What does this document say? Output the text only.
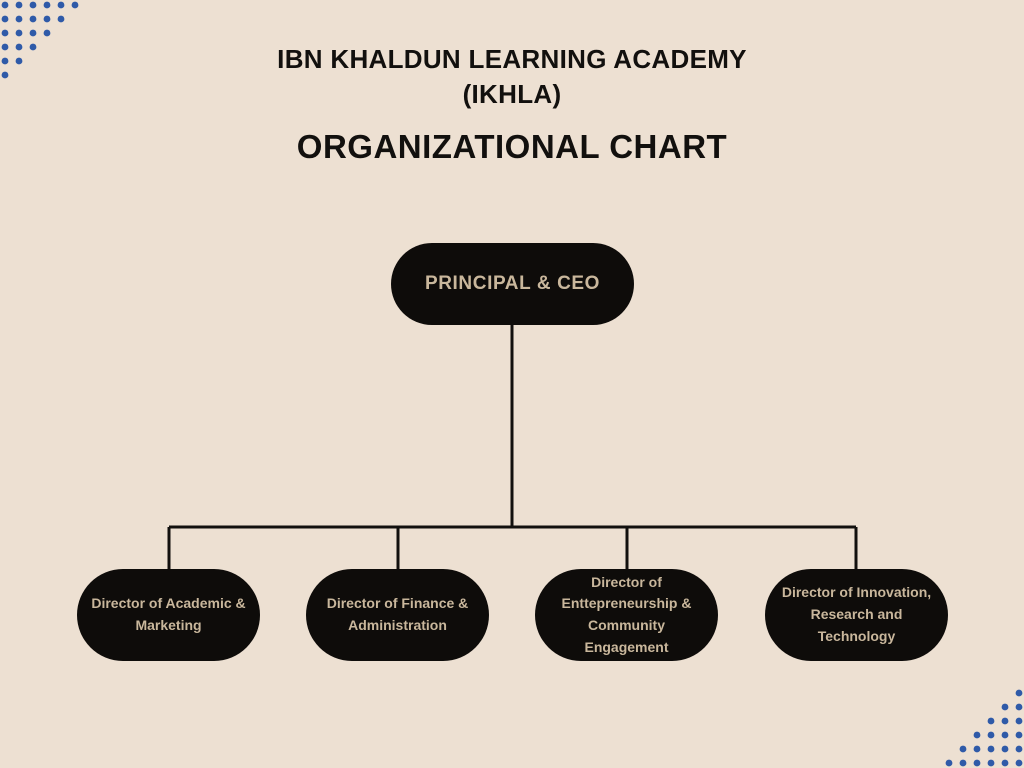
IBN KHALDUN LEARNING ACADEMY
(IKHLA)
ORGANIZATIONAL CHART
PRINCIPAL & CEO
Director of Academic & Marketing
Director of Finance & Administration
Director of Enttepreneurship & Community Engagement
Director of Innovation, Research and Technology
